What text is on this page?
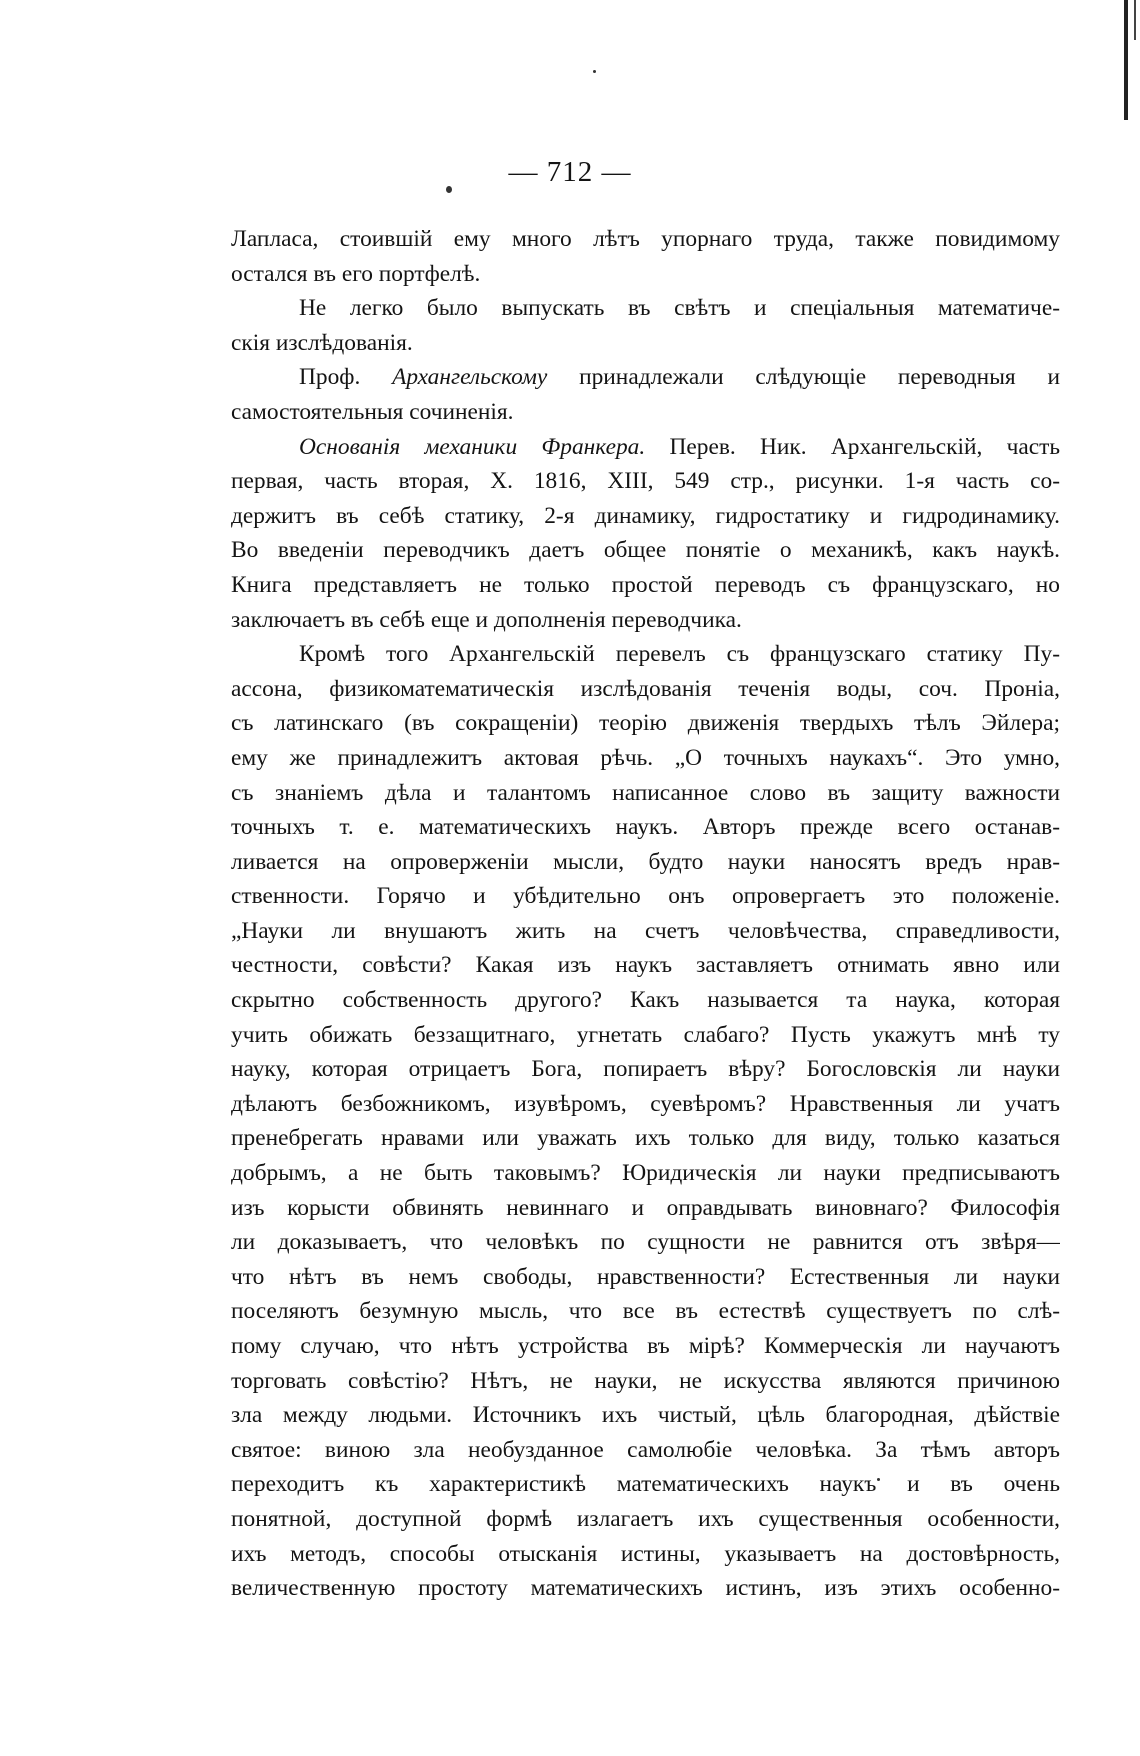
— 712 —
Лапласа, стоившій ему много лѣтъ упорнаго труда, также повидимому
остался въ его портфелѣ.
Не легко было выпускать въ свѣтъ и спеціальныя математиче-
скія изслѣдованія.
Проф. Архангельскому принадлежали слѣдующіе переводныя и
самостоятельныя сочиненія.
Основанія механики Франкера. Перев. Ник. Архангельскій, часть
первая, часть вторая, X. 1816, XIII, 549 стр., рисунки. 1-я часть со-
держитъ въ себѣ статику, 2-я динамику, гидростатику и гидродинамику.
Во введеніи переводчикъ даетъ общее понятіе о механикѣ, какъ наукѣ.
Книга представляетъ не только простой переводъ съ французскаго, но
заключаетъ въ себѣ еще и дополненія переводчика.
Кромѣ того Архангельскій перевелъ съ французскаго статику Пу-
ассона, физикоматематическія изслѣдованія теченія воды, соч. Проніа,
съ латинскаго (въ сокращеніи) теорію движенія твердыхъ тѣлъ Эйлера;
ему же принадлежитъ актовая рѣчь. „О точныхъ наукахъ“. Это умно,
съ знаніемъ дѣла и талантомъ написанное слово въ защиту важности
точныхъ т. е. математическихъ наукъ. Авторъ прежде всего останав-
ливается на опроверженіи мысли, будто науки наносятъ вредъ нрав-
ственности. Горячо и убѣдительно онъ опровергаетъ это положеніе.
„Науки ли внушаютъ жить на счетъ человѣчества, справедливости,
честности, совѣсти? Какая изъ наукъ заставляетъ отнимать явно или
скрытно собственность другого? Какъ называется та наука, которая
учить обижать беззащитнаго, угнетать слабаго? Пусть укажутъ мнѣ ту
науку, которая отрицаетъ Бога, попираетъ вѣру? Богословскія ли науки
дѣлаютъ безбожникомъ, изувѣромъ, суевѣромъ? Нравственныя ли учатъ
пренебрегать нравами или уважать ихъ только для виду, только казаться
добрымъ, а не быть таковымъ? Юридическія ли науки предписываютъ
изъ корысти обвинять невиннаго и оправдывать виновнаго? Философія
ли доказываетъ, что человѣкъ по сущности не равнится отъ звѣря—
что нѣтъ въ немъ свободы, нравственности? Естественныя ли науки
поселяютъ безумную мысль, что все въ естествѣ существуетъ по слѣ-
пому случаю, что нѣтъ устройства въ мірѣ? Коммерческія ли научаютъ
торговать совѣстію? Нѣтъ, не науки, не искусства являются причиною
зла между людьми. Источникъ ихъ чистый, цѣль благородная, дѣйствіе
святое: виною зла необузданное самолюбіе человѣка. За тѣмъ авторъ
переходитъ къ характеристикѣ математическихъ наукъ и въ очень
понятной, доступной формѣ излагаетъ ихъ существенныя особенности,
ихъ методъ, способы отысканія истины, указываетъ на достовѣрность,
величественную простоту математическихъ истинъ, изъ этихъ особенно-
